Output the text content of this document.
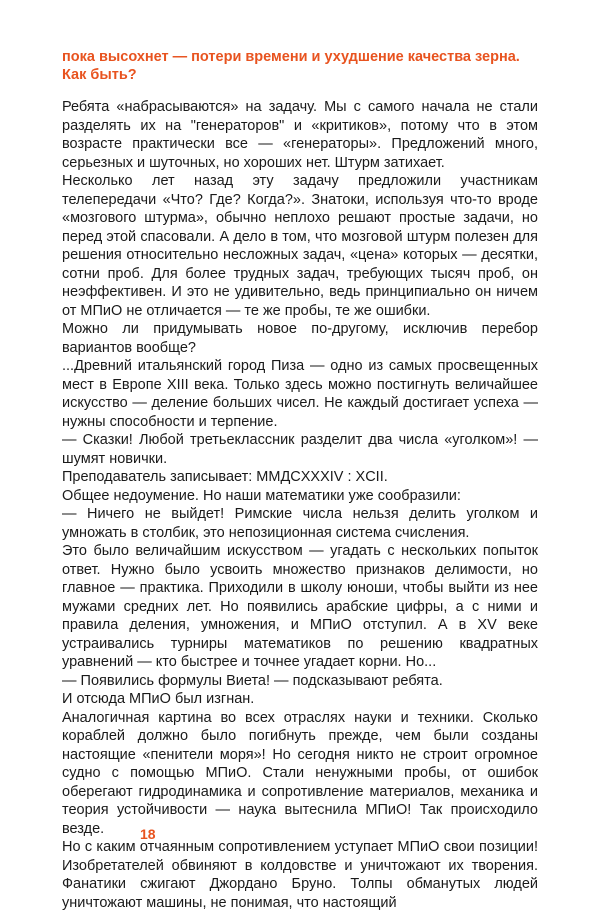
пока высохнет — потери времени и ухудшение качества зерна.
Как быть?

Ребята «набрасываются» на задачу. Мы с самого начала не стали разделять их на "генераторов" и «критиков», потому что в этом возрасте практически все — «генераторы». Предложений много, серьезных и шуточных, но хороших нет. Штурм затихает.

Несколько лет назад эту задачу предложили участникам телепередачи «Что? Где? Когда?». Знатоки, используя что-то вроде «мозгового штурма», обычно неплохо решают простые задачи, но перед этой спасовали. А дело в том, что мозговой штурм полезен для решения относительно несложных задач, «цена» которых — десятки, сотни проб. Для более трудных задач, требующих тысяч проб, он неэффективен. И это не удивительно, ведь принципиально он ничем от МПиО не отличается — те же пробы, те же ошибки.

Можно ли придумывать новое по-другому, исключив перебор вариантов вообще?

...Древний итальянский город Пиза — одно из самых просвещенных мест в Европе XIII века. Только здесь можно постигнуть величайшее искусство — деление больших чисел. Не каждый достигает успеха — нужны способности и терпение.

— Сказки! Любой третьеклассник разделит два числа «уголком»! — шумят новички.

Преподаватель записывает: MMДCXXXIV : XCII.

Общее недоумение. Но наши математики уже сообразили:

— Ничего не выйдет! Римские числа нельзя делить уголком и умножать в столбик, это непозиционная система счисления.

Это было величайшим искусством — угадать с нескольких попыток ответ. Нужно было усвоить множество признаков делимости, но главное — практика. Приходили в школу юноши, чтобы выйти из нее мужами средних лет. Но появились арабские цифры, а с ними и правила деления, умножения, и МПиО отступил. А в XV веке устраивались турниры математиков по решению квадратных уравнений — кто быстрее и точнее угадает корни. Но...

— Появились формулы Виета! — подсказывают ребята.

И отсюда МПиО был изгнан.

Аналогичная картина во всех отраслях науки и техники. Сколько кораблей должно было погибнуть прежде, чем были созданы настоящие «пенители моря»! Но сегодня никто не строит огромное судно с помощью МПиО. Стали ненужными пробы, от ошибок оберегают гидродинамика и сопротивление материалов, механика и теория устойчивости — наука вытеснила МПиО! Так происходило везде.

Но с каким отчаянным сопротивлением уступает МПиО свои позиции! Изобретателей обвиняют в колдовстве и уничтожают их творения. Фанатики сжигают Джордано Бруно. Толпы обманутых людей уничтожают машины, не понимая, что настоящий

18
